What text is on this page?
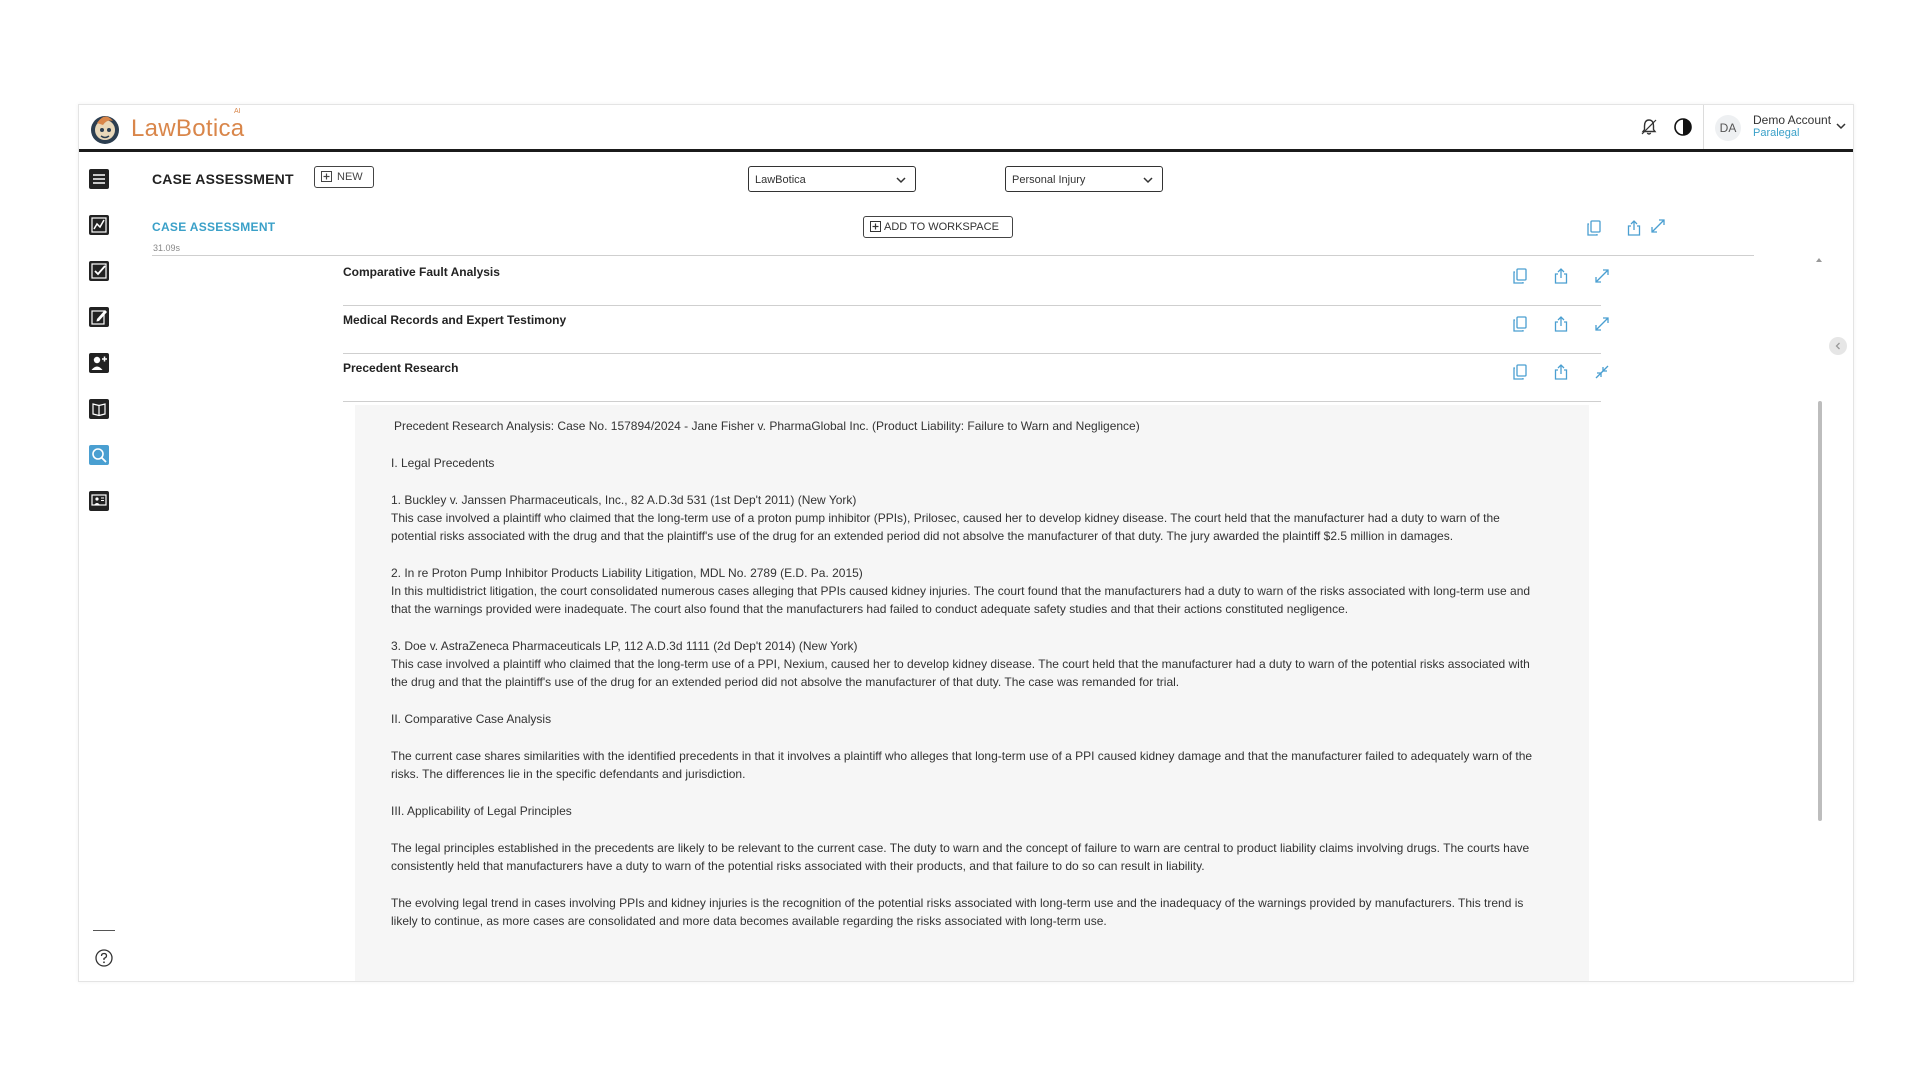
LawBotica
AI
DA
Demo Account
Paralegal
CASE ASSESSMENT	NEW	LawBotica	Personal Injury
CASE ASSESSMENT
31.09s
ADD TO WORKSPACE
Comparative Fault Analysis
Medical Records and Expert Testimony
Precedent Research

Precedent Research Analysis: Case No. 157894/2024 - Jane Fisher v. PharmaGlobal Inc. (Product Liability: Failure to Warn and Negligence)

I. Legal Precedents

1. Buckley v. Janssen Pharmaceuticals, Inc., 82 A.D.3d 531 (1st Dep't 2011) (New York)
This case involved a plaintiff who claimed that the long-term use of a proton pump inhibitor (PPIs), Prilosec, caused her to develop kidney disease. The court held that the manufacturer had a duty to warn of the potential risks associated with the drug and that the plaintiff's use of the drug for an extended period did not absolve the manufacturer of that duty. The jury awarded the plaintiff $2.5 million in damages.

2. In re Proton Pump Inhibitor Products Liability Litigation, MDL No. 2789 (E.D. Pa. 2015)
In this multidistrict litigation, the court consolidated numerous cases alleging that PPIs caused kidney injuries. The court found that the manufacturers had a duty to warn of the risks associated with long-term use and that the warnings provided were inadequate. The court also found that the manufacturers had failed to conduct adequate safety studies and that their actions constituted negligence.

3. Doe v. AstraZeneca Pharmaceuticals LP, 112 A.D.3d 1111 (2d Dep't 2014) (New York)
This case involved a plaintiff who claimed that the long-term use of a PPI, Nexium, caused her to develop kidney disease. The court held that the manufacturer had a duty to warn of the potential risks associated with the drug and that the plaintiff's use of the drug for an extended period did not absolve the manufacturer of that duty. The case was remanded for trial.

II. Comparative Case Analysis

The current case shares similarities with the identified precedents in that it involves a plaintiff who alleges that long-term use of a PPI caused kidney damage and that the manufacturer failed to adequately warn of the risks. The differences lie in the specific defendants and jurisdiction.

III. Applicability of Legal Principles

The legal principles established in the precedents are likely to be relevant to the current case. The duty to warn and the concept of failure to warn are central to product liability claims involving drugs. The courts have consistently held that manufacturers have a duty to warn of the potential risks associated with their products, and that failure to do so can result in liability.

The evolving legal trend in cases involving PPIs and kidney injuries is the recognition of the potential risks associated with long-term use and the inadequacy of the warnings provided by manufacturers. This trend is likely to continue, as more cases are consolidated and more data becomes available regarding the risks associated with long-term use.
